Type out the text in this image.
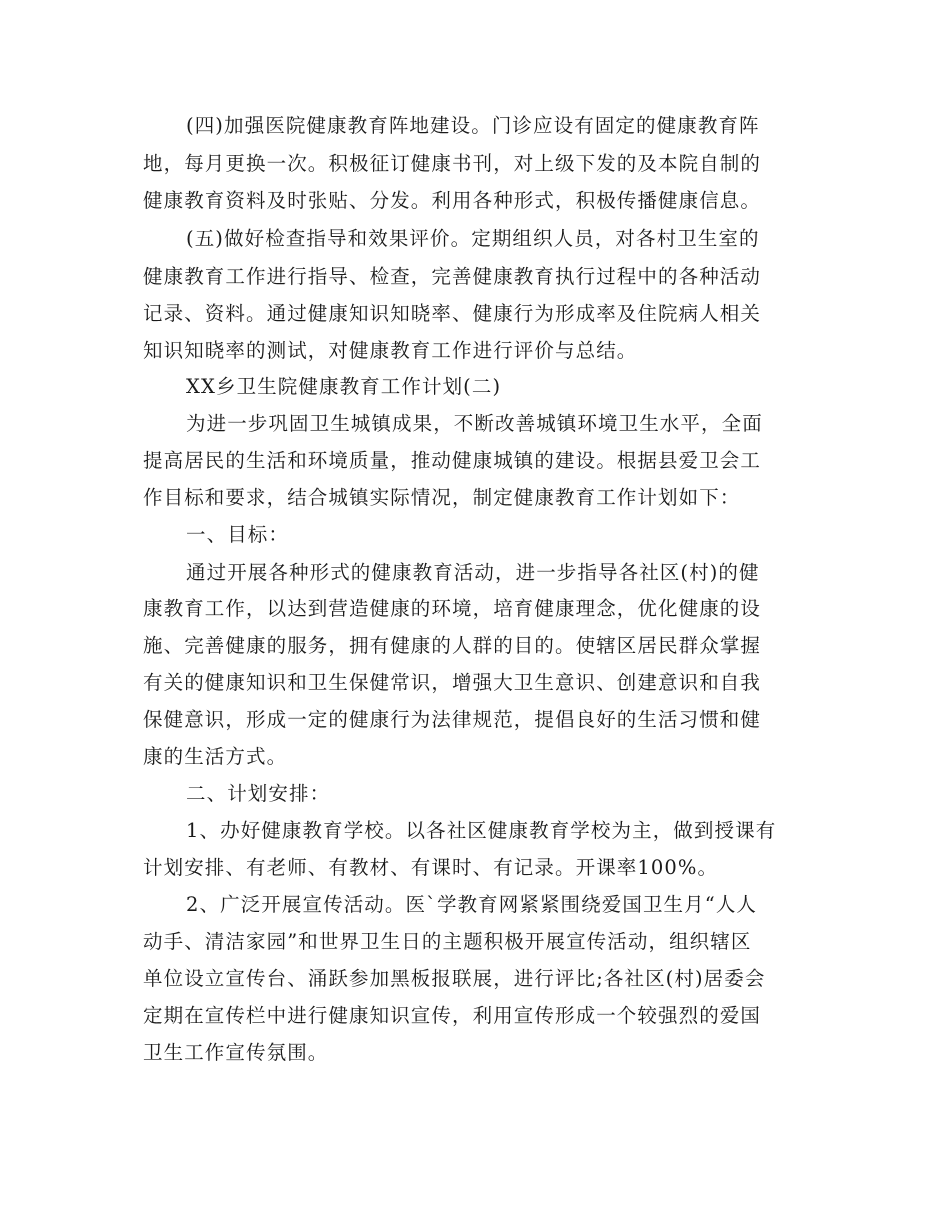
(四)加强医院健康教育阵地建设。门诊应设有固定的健康教育阵

地，每月更换一次。积极征订健康书刊，对上级下发的及本院自制的

健康教育资料及时张贴、分发。利用各种形式，积极传播健康信息。

(五)做好检查指导和效果评价。定期组织人员，对各村卫生室的

健康教育工作进行指导、检查，完善健康教育执行过程中的各种活动

记录、资料。通过健康知识知晓率、健康行为形成率及住院病人相关

知识知晓率的测试，对健康教育工作进行评价与总结。

XX乡卫生院健康教育工作计划(二)

为进一步巩固卫生城镇成果，不断改善城镇环境卫生水平，全面

提高居民的生活和环境质量，推动健康城镇的建设。根据县爱卫会工

作目标和要求，结合城镇实际情况，制定健康教育工作计划如下：

一、目标：

通过开展各种形式的健康教育活动，进一步指导各社区(村)的健

康教育工作，以达到营造健康的环境，培育健康理念，优化健康的设

施、完善健康的服务，拥有健康的人群的目的。使辖区居民群众掌握

有关的健康知识和卫生保健常识，增强大卫生意识、创建意识和自我

保健意识，形成一定的健康行为法律规范，提倡良好的生活习惯和健

康的生活方式。

二、计划安排：

1、办好健康教育学校。以各社区健康教育学校为主，做到授课有

计划安排、有老师、有教材、有课时、有记录。开课率100%。

2、广泛开展宣传活动。医`学教育网紧紧围绕爱国卫生月“人人

动手、清洁家园”和世界卫生日的主题积极开展宣传活动，组织辖区

单位设立宣传台、涌跃参加黑板报联展，进行评比;各社区(村)居委会

定期在宣传栏中进行健康知识宣传，利用宣传形成一个较强烈的爱国

卫生工作宣传氛围。
